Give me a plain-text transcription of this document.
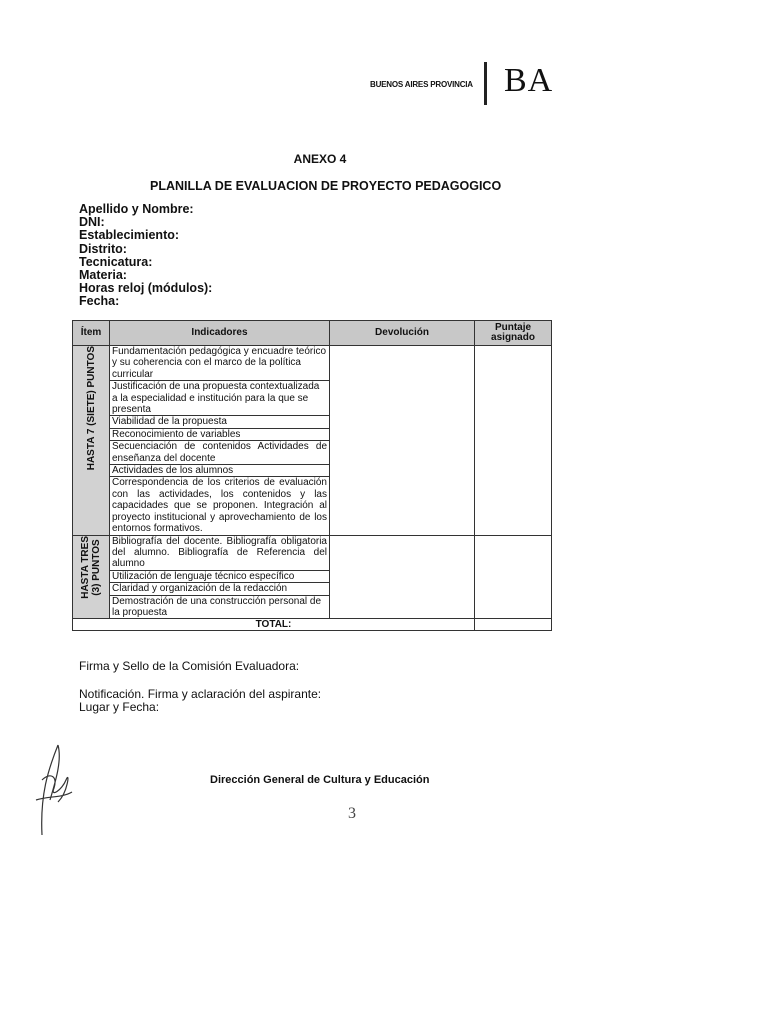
BUENOS AIRES PROVINCIA BA
ANEXO 4
PLANILLA DE EVALUACION DE PROYECTO PEDAGOGICO
Apellido y Nombre:
DNI:
Establecimiento:
Distrito:
Tecnicatura:
Materia:
Horas reloj (módulos):
Fecha:
Ítem	Indicadores	Devolución	Puntaje asignado
HASTA 7 (SIETE) PUNTOS	Fundamentación pedagógica y encuadre teórico y su coherencia con el marco de la política curricular		
	Justificación de una propuesta contextualizada a la especialidad e institución para la que se presenta		
	Viabilidad de la propuesta		
	Reconocimiento de variables		
	Secuenciación de contenidos Actividades de enseñanza del docente		
	Actividades de los alumnos		
	Correspondencia de los criterios de evaluación con las actividades, los contenidos y las capacidades que se proponen. Integración al proyecto institucional y aprovechamiento de los entornos formativos.		
HASTA TRES
(3) PUNTOS	Bibliografía del docente. Bibliografía obligatoria del alumno. Bibliografía de Referencia del alumno		
	Utilización de lenguaje técnico específico		
	Claridad y organización de la redacción		
	Demostración de una construcción personal de la propuesta		
TOTAL:			
Firma y Sello de la Comisión Evaluadora:
Notificación. Firma y aclaración del aspirante:
Lugar y Fecha:
Dirección General de Cultura y Educación
3
